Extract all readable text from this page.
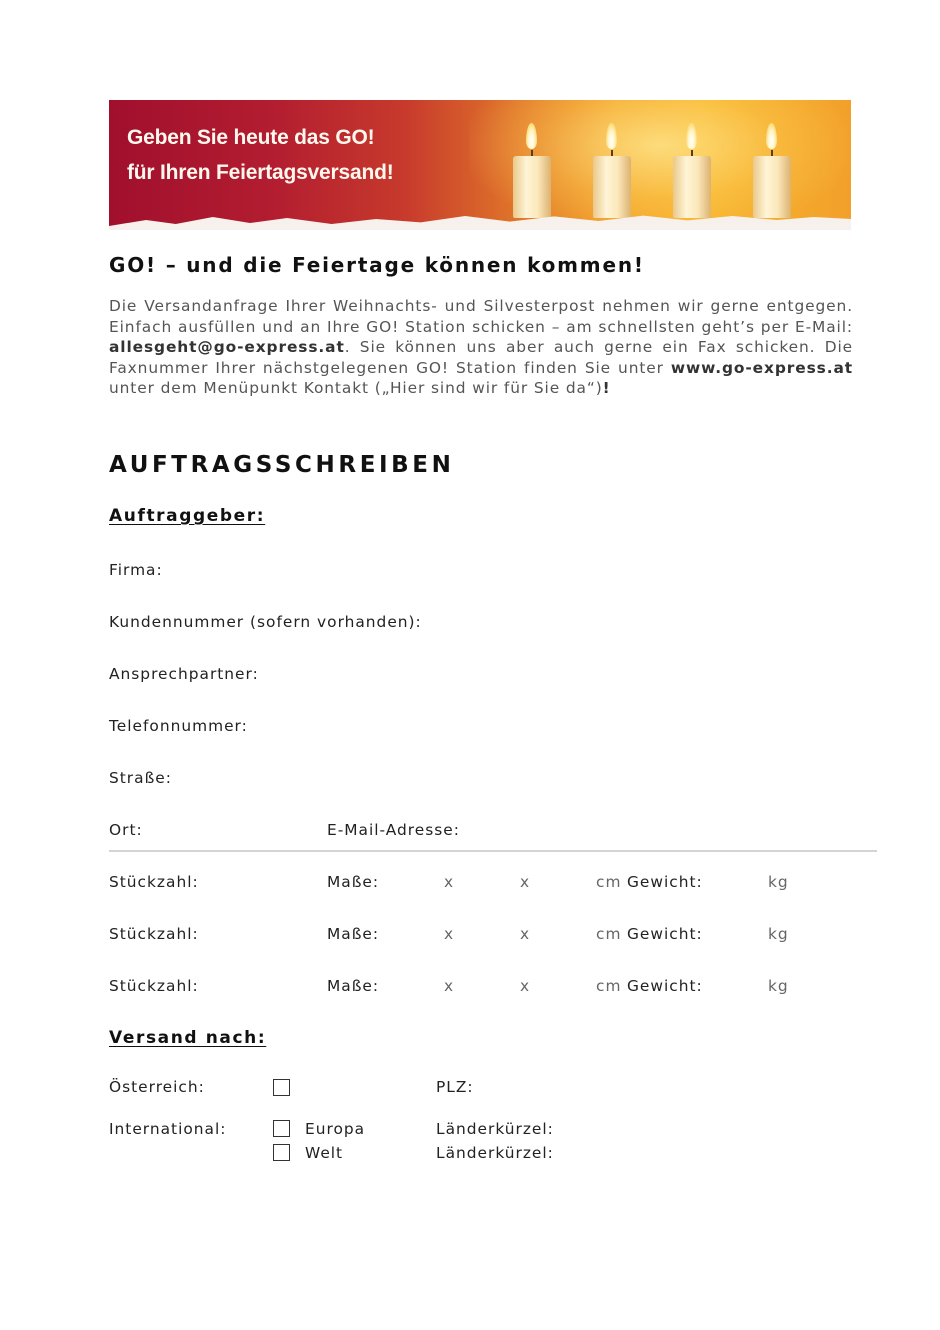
Geben Sie heute das GO!
für Ihren Feiertagsversand!
GO! – und die Feiertage können kommen!
Die Versandanfrage Ihrer Weihnachts- und Silvesterpost nehmen wir gerne entgegen.
Einfach ausfüllen und an Ihre GO! Station schicken – am schnellsten geht’s per E-Mail:
allesgeht@go-express.at. Sie können uns aber auch gerne ein Fax schicken. Die
Faxnummer Ihrer nächstgelegenen GO! Station finden Sie unter www.go-express.at
unter dem Menüpunkt Kontakt („Hier sind wir für Sie da“)!
AUFTRAGSSCHREIBEN
Auftraggeber:
Firma:
Kundennummer (sofern vorhanden):
Ansprechpartner:
Telefonnummer:
Straße:
Ort:	E-Mail-Adresse:
Stückzahl:	Maße:	x	x	cm Gewicht:	kg
Stückzahl:	Maße:	x	x	cm Gewicht:	kg
Stückzahl:	Maße:	x	x	cm Gewicht:	kg
Versand nach:
Österreich:	PLZ:
International:	Europa	Länderkürzel:
Welt	Länderkürzel:
